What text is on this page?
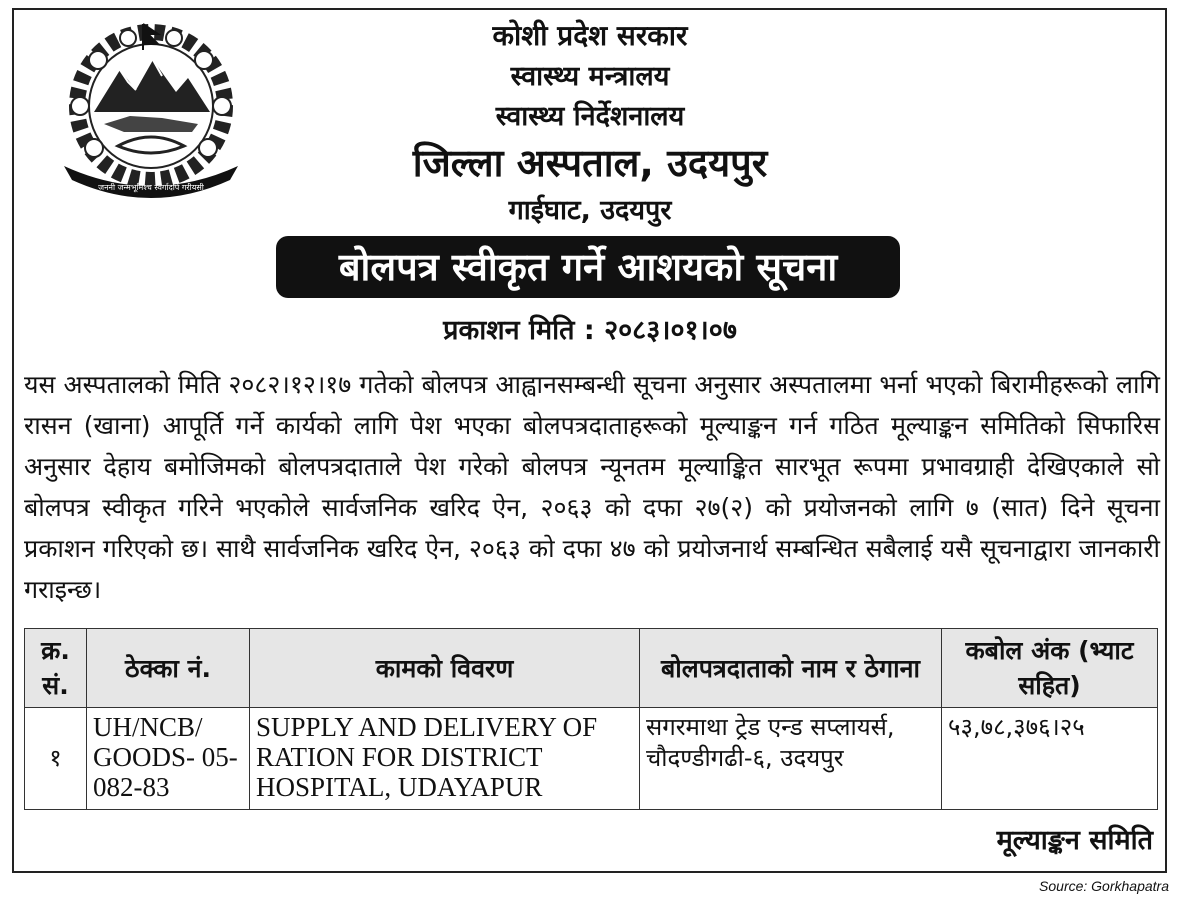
जननी जन्मभूमिश्च स्वर्गादपि गरीयसी
कोशी प्रदेश सरकार
स्वास्थ्य मन्त्रालय
स्वास्थ्य निर्देशनालय
जिल्ला अस्पताल, उदयपुर
गाईघाट, उदयपुर
बोलपत्र स्वीकृत गर्ने आशयको सूचना
प्रकाशन मिति : २०८३।०१।०७
यस अस्पतालको मिति २०८२।१२।१७ गतेको बोलपत्र आह्वानसम्बन्धी सूचना अनुसार अस्पतालमा भर्ना भएको बिरामीहरूको लागि रासन (खाना) आपूर्ति गर्ने कार्यको लागि पेश भएका बोलपत्रदाताहरूको मूल्याङ्कन गर्न गठित मूल्याङ्कन समितिको सिफारिस अनुसार देहाय बमोजिमको बोलपत्रदाताले पेश गरेको बोलपत्र न्यूनतम मूल्याङ्कित सारभूत रूपमा प्रभावग्राही देखिएकाले सो बोलपत्र स्वीकृत गरिने भएकोले सार्वजनिक खरिद ऐन, २०६३ को दफा २७(२) को प्रयोजनको लागि ७ (सात) दिने सूचना प्रकाशन गरिएको छ। साथै सार्वजनिक खरिद ऐन, २०६३ को दफा ४७ को प्रयोजनार्थ सम्बन्धित सबैलाई यसै सूचनाद्वारा जानकारी गराइन्छ।
क्र. सं.	ठेक्का नं.	कामको विवरण	बोलपत्रदाताको नाम र ठेगाना	कबोल अंक (भ्याट सहित)
१	UH/NCB/ GOODS- 05-082-83	SUPPLY AND DELIVERY OF RATION FOR DISTRICT HOSPITAL, UDAYAPUR	सगरमाथा ट्रेड एन्ड सप्लायर्स, चौदण्डीगढी-६, उदयपुर	५३,७८,३७६।२५
मूल्याङ्कन समिति
Source: Gorkhapatra
